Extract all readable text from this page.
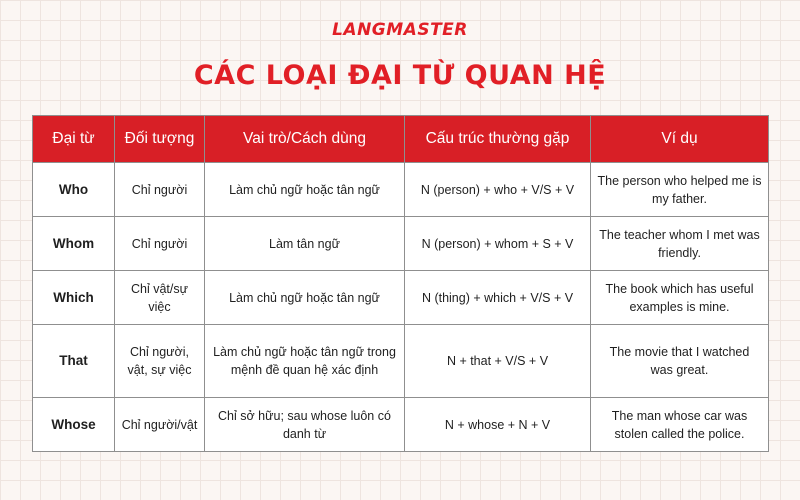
LANGMASTER
CÁC LOẠI ĐẠI TỪ QUAN HỆ
Đại từ	Đối tượng	Vai trò/Cách dùng	Cấu trúc thường gặp	Ví dụ
Who	Chỉ người	Làm chủ ngữ hoặc tân ngữ	N (person) + who + V/S + V	The person who helped me is my father.
Whom	Chỉ người	Làm tân ngữ	N (person) + whom + S + V	The teacher whom I met was friendly.
Which	Chỉ vật/sự việc	Làm chủ ngữ hoặc tân ngữ	N (thing) + which + V/S + V	The book which has useful examples is mine.
That	Chỉ người, vật, sự việc	Làm chủ ngữ hoặc tân ngữ trong mệnh đề quan hệ xác định	N + that + V/S + V	The movie that I watched was great.
Whose	Chỉ người/vật	Chỉ sở hữu; sau whose luôn có danh từ	N + whose + N + V	The man whose car was stolen called the police.
